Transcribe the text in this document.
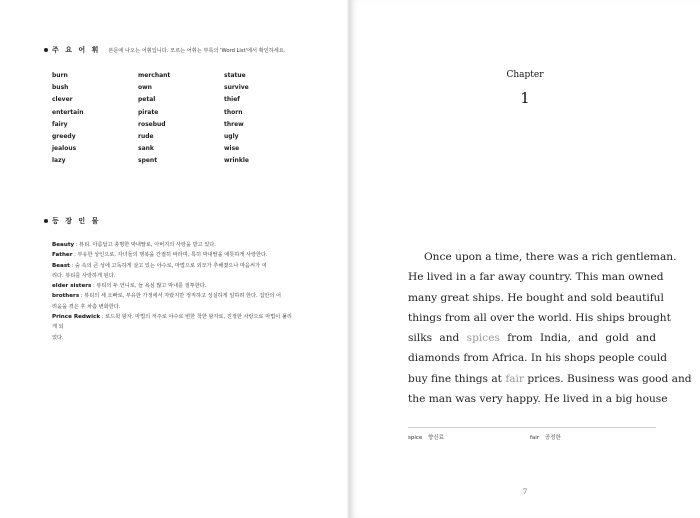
주 요 어 휘 본문에 나오는 어휘입니다. 모르는 어휘는 부록의 'Word List'에서 확인하세요.
burn	merchant	statue
bush	own	survive
clever	petal	thief
entertain	pirate	thorn
fairy	rosebud	threw
greedy	rude	ugly
jealous	sank	wise
lazy	spent	wrinkle
등 장 인 물
Beauty : 뷰티. 아름답고 총명한 막내딸로, 아버지의 사랑을 받고 있다.
Father : 부유한 상인으로, 자녀들의 행복을 간절히 바라며, 특히 막내딸을 애틋하게 사랑한다.
Beast : 숲 속의 큰 성에 고독하게 살고 있는 야수로, 마법으로 외모가 추해졌으나 마음씨가 여
리다. 뷰티를 사랑하게 된다.
elder sisters : 뷰티의 두 언니로, 늘 욕심 많고 막내를 질투한다.
brothers : 뷰티의 세 오빠로, 부유한 가정에서 자랐지만 정직하고 성실하게 일하려 한다. 집안의 어
려움을 겪은 후 차츰 변화한다.
Prince Redwick : 로드윅 왕자. 마법의 저주로 야수로 변한 착한 왕자로, 진정한 사랑으로 마법이 풀리게 되
었다.
Chapter
1
Once upon a time, there was a rich gentleman.
He lived in a far away country. This man owned
many great ships. He bought and sold beautiful
things from all over the world. His ships brought
silks and spices from India, and gold and
diamonds from Africa. In his shops people could
buy fine things at fair prices. Business was good and
the man was very happy. He lived in a big house
spice 향신료	fair 공정한
7
